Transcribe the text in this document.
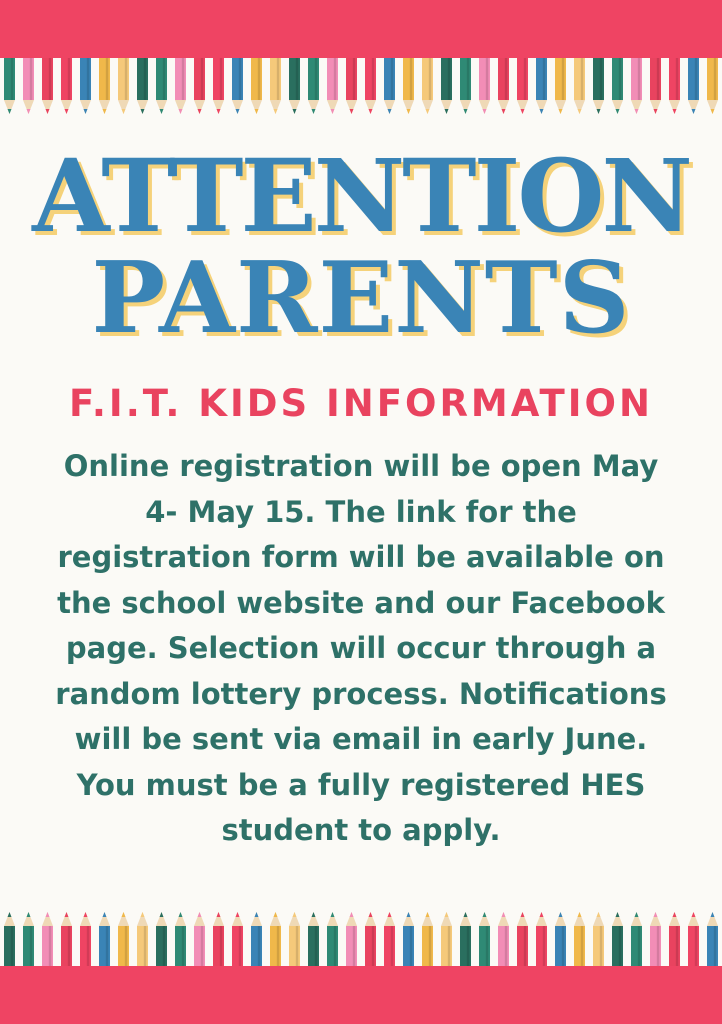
ATTENTION
PARENTS
F.I.T. KIDS INFORMATION

Online registration will be open May 4- May 15. The link for the registration form will be available on the school website and our Facebook page. Selection will occur through a random lottery process. Notifications will be sent via email in early June. You must be a fully registered HES student to apply.
